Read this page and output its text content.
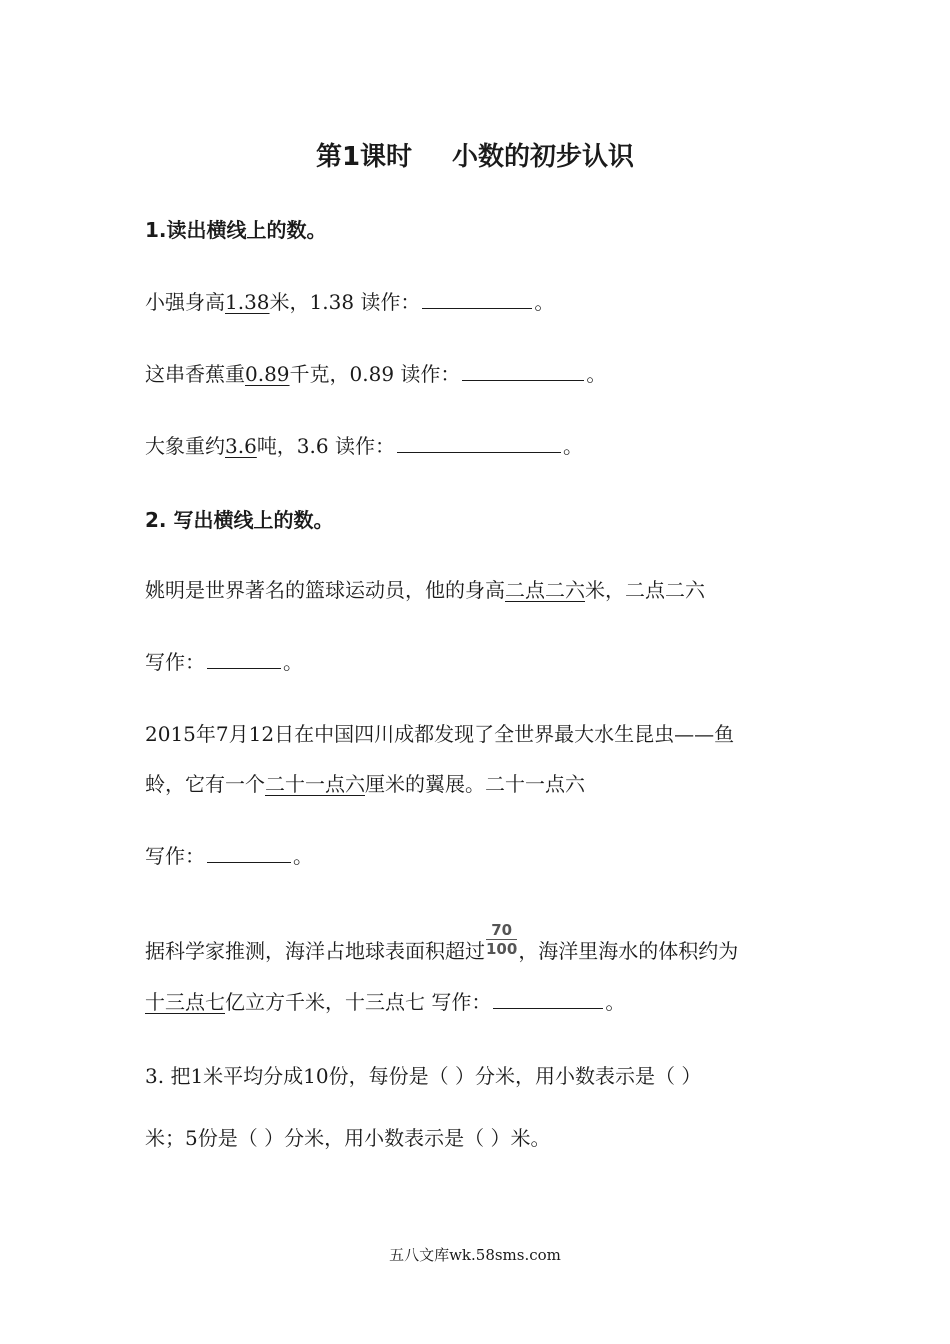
第1课时 小数的初步认识
1.读出横线上的数。
小强身高1.38米，1.38 读作：	。
这串香蕉重0.89千克，0.89 读作：	。
大象重约3.6吨，3.6 读作：	。
2. 写出横线上的数。
姚明是世界著名的篮球运动员，他的身高二点二六米，二点二六
写作：	。
2015年7月12日在中国四川成都发现了全世界最大水生昆虫——鱼
蛉，它有一个二十一点六厘米的翼展。二十一点六
写作：	。
据科学家推测，海洋占地球表面积超过 $\frac{70}{100}$ ，海洋里海水的体积约为
十三点七亿立方千米，十三点七 写作：	。
3. 把1米平均分成10份，每份是（ ）分米，用小数表示是（ ）
米；5份是（ ）分米，用小数表示是（ ）米。
五八文库wk.58sms.com
